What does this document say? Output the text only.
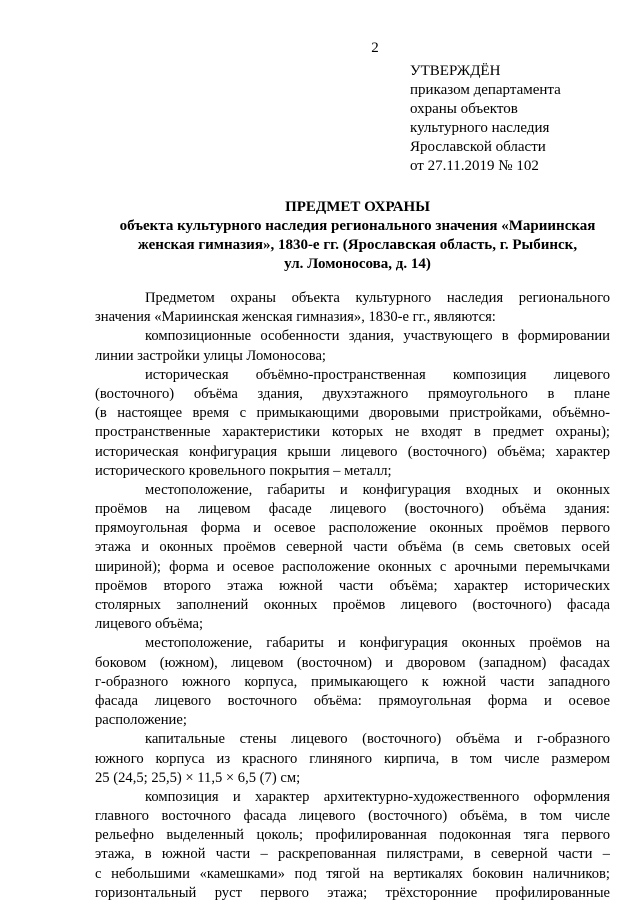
2
УТВЕРЖДЁН
приказом департамента
охраны объектов
культурного наследия
Ярославской области
от 27.11.2019 № 102
ПРЕДМЕТ ОХРАНЫ
объекта культурного наследия регионального значения «Мариинская
женская гимназия», 1830-е гг. (Ярославская область, г. Рыбинск,
ул. Ломоносова, д. 14)
Предметом охраны объекта культурного наследия регионального
значения «Мариинская женская гимназия», 1830-е гг., являются:
композиционные особенности здания, участвующего в формировании
линии застройки улицы Ломоносова;
историческая объёмно-пространственная композиция лицевого
(восточного) объёма здания, двухэтажного прямоугольного в плане
(в настоящее время с примыкающими дворовыми пристройками, объёмно-
пространственные характеристики которых не входят в предмет охраны);
историческая конфигурация крыши лицевого (восточного) объёма; характер
исторического кровельного покрытия – металл;
местоположение, габариты и конфигурация входных и оконных
проёмов на лицевом фасаде лицевого (восточного) объёма здания:
прямоугольная форма и осевое расположение оконных проёмов первого
этажа и оконных проёмов северной части объёма (в семь световых осей
шириной); форма и осевое расположение оконных с арочными перемычками
проёмов второго этажа южной части объёма; характер исторических
столярных заполнений оконных проёмов лицевого (восточного) фасада
лицевого объёма;
местоположение, габариты и конфигурация оконных проёмов на
боковом (южном), лицевом (восточном) и дворовом (западном) фасадах
г-образного южного корпуса, примыкающего к южной части западного
фасада лицевого восточного объёма: прямоугольная форма и осевое
расположение;
капитальные стены лицевого (восточного) объёма и г-образного
южного корпуса из красного глиняного кирпича, в том числе размером
25 (24,5; 25,5) × 11,5 × 6,5 (7) см;
композиция и характер архитектурно-художественного оформления
главного восточного фасада лицевого (восточного) объёма, в том числе
рельефно выделенный цоколь; профилированная подоконная тяга первого
этажа, в южной части – раскрепованная пилястрами, в северной части –
с небольшими «камешками» под тягой на вертикалях боковин наличников;
горизонтальный руст первого этажа; трёхсторонние профилированные
